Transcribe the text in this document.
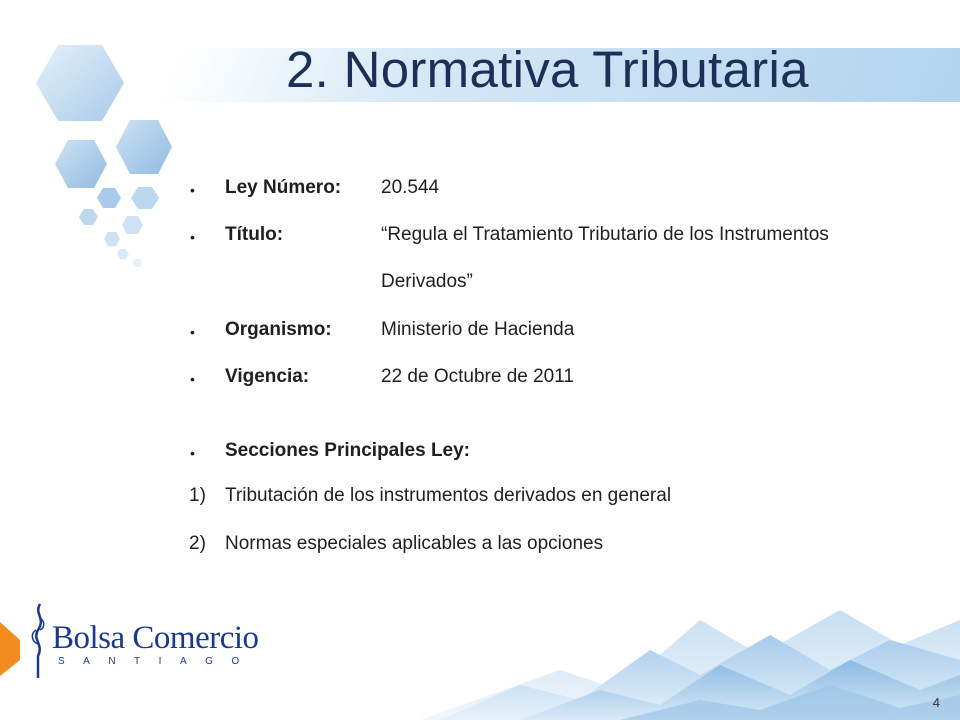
2. Normativa Tributaria
• Ley Número: 20.544
• Título:	“Regula el Tratamiento Tributario de los Instrumentos
Derivados”
• Organismo:	Ministerio de Hacienda
• Vigencia:	22 de Octubre de 2011
• Secciones Principales Ley:
1) Tributación de los instrumentos derivados en general
2) Normas especiales aplicables a las opciones
Bolsa Comercio
SANTIAGO
4
